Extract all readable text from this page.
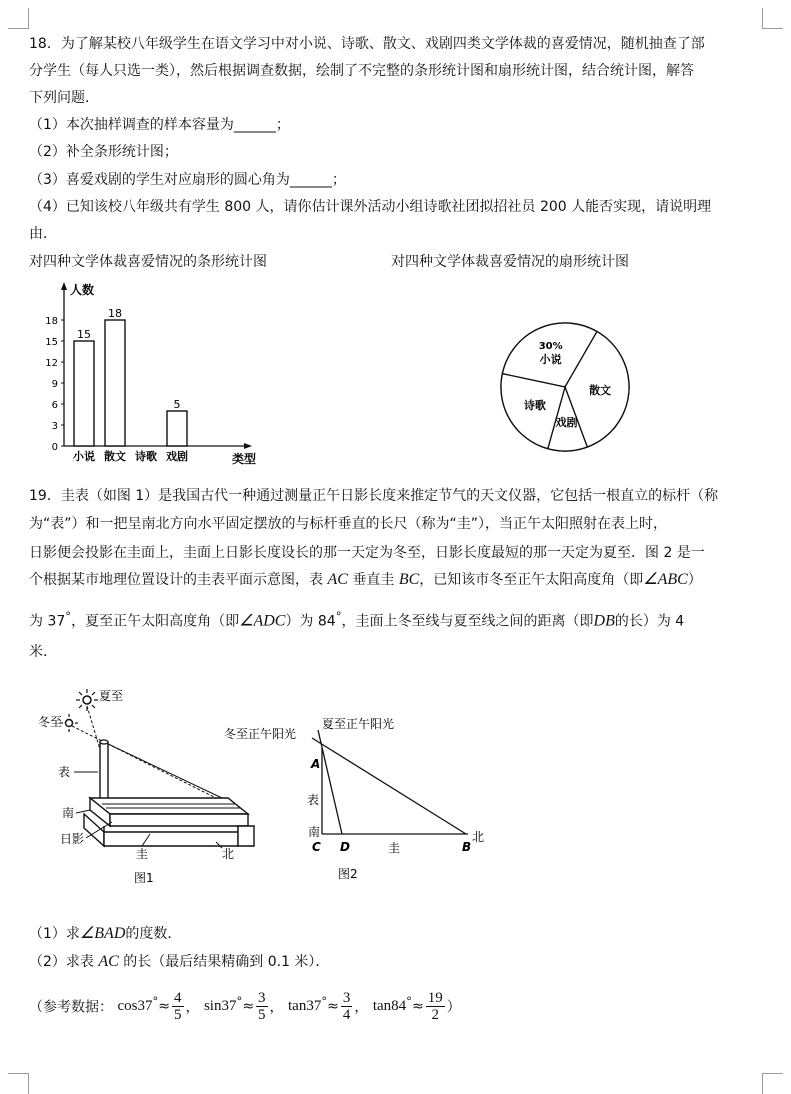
18．为了解某校八年级学生在语文学习中对小说、诗歌、散文、戏剧四类文学体裁的喜爱情况，随机抽查了部
分学生（每人只选一类），然后根据调查数据，绘制了不完整的条形统计图和扇形统计图，结合统计图，解答
下列问题．
（1）本次抽样调查的样本容量为______；
（2）补全条形统计图；
（3）喜爱戏剧的学生对应扇形的圆心角为______；
（4）已知该校八年级共有学生 800 人，请你估计课外活动小组诗歌社团拟招社员 200 人能否实现，请说明理
由．
对四种文学体裁喜爱情况的条形统计图	对四种文学体裁喜爱情况的扇形统计图
人数
类型
0
3
6
9
12
15
18
15
小说
18
散文 诗歌
5
戏剧
30%
小说
散文
戏剧
诗歌
19．圭表（如图 1）是我国古代一种通过测量正午日影长度来推定节气的天文仪器，它包括一根直立的标杆（称
为“表”）和一把呈南北方向水平固定摆放的与标杆垂直的长尺（称为“圭”），当正午太阳照射在表上时，
日影便会投影在圭面上，圭面上日影长度设长的那一天定为冬至，日影长度最短的那一天定为夏至．图 2 是一
个根据某市地理位置设计的圭表平面示意图，表 AC 垂直圭 BC，已知该市冬至正午太阳高度角（即∠ABC）
为 37°，夏至正午太阳高度角（即∠ADC）为 84°，圭面上冬至线与夏至线之间的距离（即DB的长）为 4
米．
夏至
冬至
表
南
日影
圭	北
图1
冬至正午阳光
夏至正午阳光
A
表
南
C D	圭	B
北
图2
（1）求∠BAD的度数．
（2）求表 AC 的长（最后结果精确到 0.1 米）．
（参考数据： $\cos 37^\circ\approx \frac{4}{5}$ ， $\sin 37^\circ\approx \frac{3}{5}$ ， $\tan 37^\circ\approx \frac{3}{4}$ ， $\tan 84^\circ\approx \frac{19}{2}$ ）
